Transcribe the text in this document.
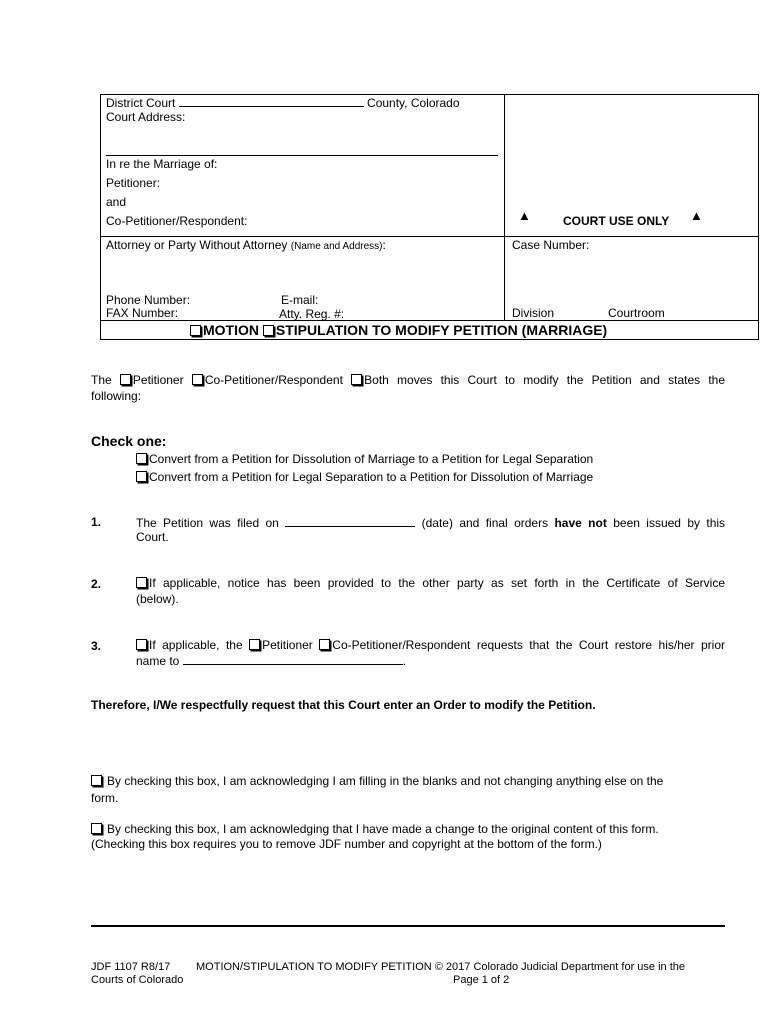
District Court	County, Colorado
Court Address:
In re the Marriage of:
Petitioner:
and
Co-Petitioner/Respondent:	▲	COURT USE ONLY ▲
Attorney or Party Without Attorney (Name and Address):	Case Number:
Phone Number:	E-mail:
FAX Number:	Atty. Reg. #:	Division	Courtroom
MOTION STIPULATION TO MODIFY PETITION (MARRIAGE)
The Petitioner Co-Petitioner/Respondent Both moves this Court to modify the Petition and states the
following:
Check one:
Convert from a Petition for Dissolution of Marriage to a Petition for Legal Separation
Convert from a Petition for Legal Separation to a Petition for Dissolution of Marriage
1.	The Petition was filed on	(date) and final orders have not been issued by this
Court.
2.	If applicable, notice has been provided to the other party as set forth in the Certificate of Service
(below).
3.	If applicable, the Petitioner Co-Petitioner/Respondent requests that the Court restore his/her prior
name to	.
Therefore, I/We respectfully request that this Court enter an Order to modify the Petition.
By checking this box, I am acknowledging I am filling in the blanks and not changing anything else on the
form.
By checking this box, I am acknowledging that I have made a change to the original content of this form.
(Checking this box requires you to remove JDF number and copyright at the bottom of the form.)
JDF 1107 R8/17 MOTION/STIPULATION TO MODIFY PETITION © 2017 Colorado Judicial Department for use in the
Courts of Colorado	Page 1 of 2
